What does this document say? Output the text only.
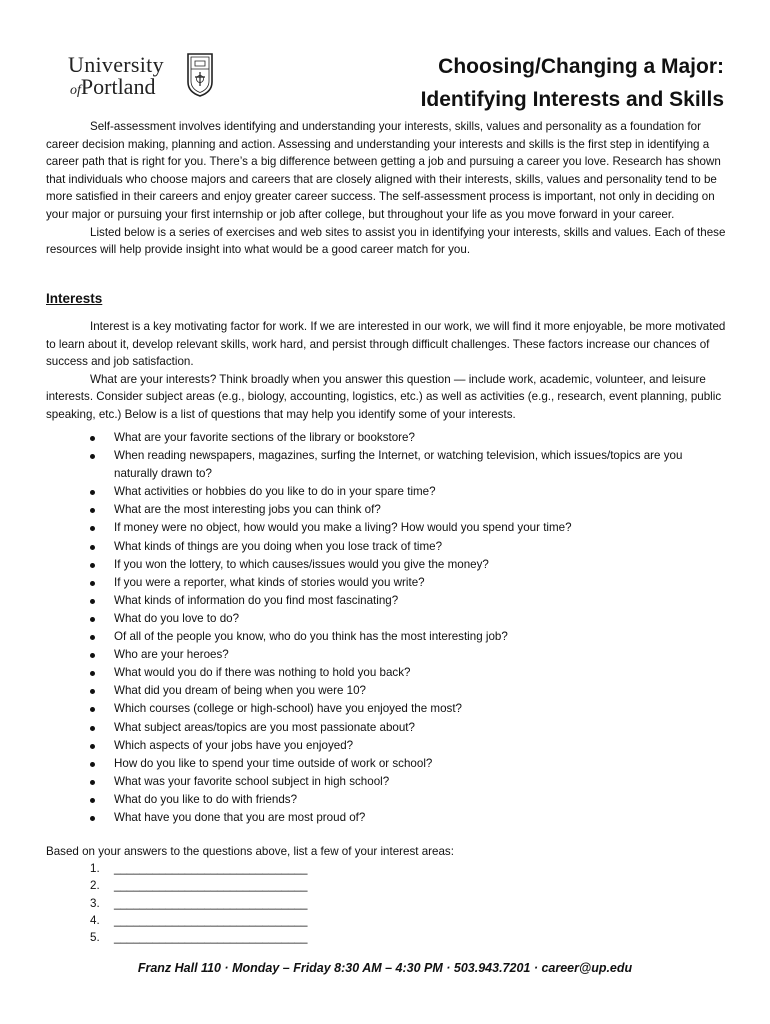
University
ofPortland
Choosing/Changing a Major:
Identifying Interests and Skills

Self-assessment involves identifying and understanding your interests, skills, values and personality as a foundation for career decision making, planning and action. Assessing and understanding your interests and skills is the first step in identifying a career path that is right for you. There’s a big difference between getting a job and pursuing a career you love. Research has shown that individuals who choose majors and careers that are closely aligned with their interests, skills, values and personality tend to be more satisfied in their careers and enjoy greater career success. The self-assessment process is important, not only in deciding on your major or pursuing your first internship or job after college, but throughout your life as you move forward in your career.

Listed below is a series of exercises and web sites to assist you in identifying your interests, skills and values. Each of these resources will help provide insight into what would be a good career match for you.

Interests

Interest is a key motivating factor for work. If we are interested in our work, we will find it more enjoyable, be more motivated to learn about it, develop relevant skills, work hard, and persist through difficult challenges. These factors increase our chances of success and job satisfaction.

What are your interests? Think broadly when you answer this question — include work, academic, volunteer, and leisure interests. Consider subject areas (e.g., biology, accounting, logistics, etc.) as well as activities (e.g., research, event planning, public speaking, etc.) Below is a list of questions that may help you identify some of your interests.

What are your favorite sections of the library or bookstore?
When reading newspapers, magazines, surfing the Internet, or watching television, which issues/topics are you naturally drawn to?
What activities or hobbies do you like to do in your spare time?
What are the most interesting jobs you can think of?
If money were no object, how would you make a living? How would you spend your time?
What kinds of things are you doing when you lose track of time?
If you won the lottery, to which causes/issues would you give the money?
If you were a reporter, what kinds of stories would you write?
What kinds of information do you find most fascinating?
What do you love to do?
Of all of the people you know, who do you think has the most interesting job?
Who are your heroes?
What would you do if there was nothing to hold you back?
What did you dream of being when you were 10?
Which courses (college or high-school) have you enjoyed the most?
What subject areas/topics are you most passionate about?
Which aspects of your jobs have you enjoyed?
How do you like to spend your time outside of work or school?
What was your favorite school subject in high school?
What do you like to do with friends?
What have you done that you are most proud of?
Based on your answers to the questions above, list a few of your interest areas:
1. ______________________________
2. ______________________________
3. ______________________________
4. ______________________________
5. ______________________________
Franz Hall 110 · Monday – Friday 8:30 AM – 4:30 PM · 503.943.7201 · career@up.edu
